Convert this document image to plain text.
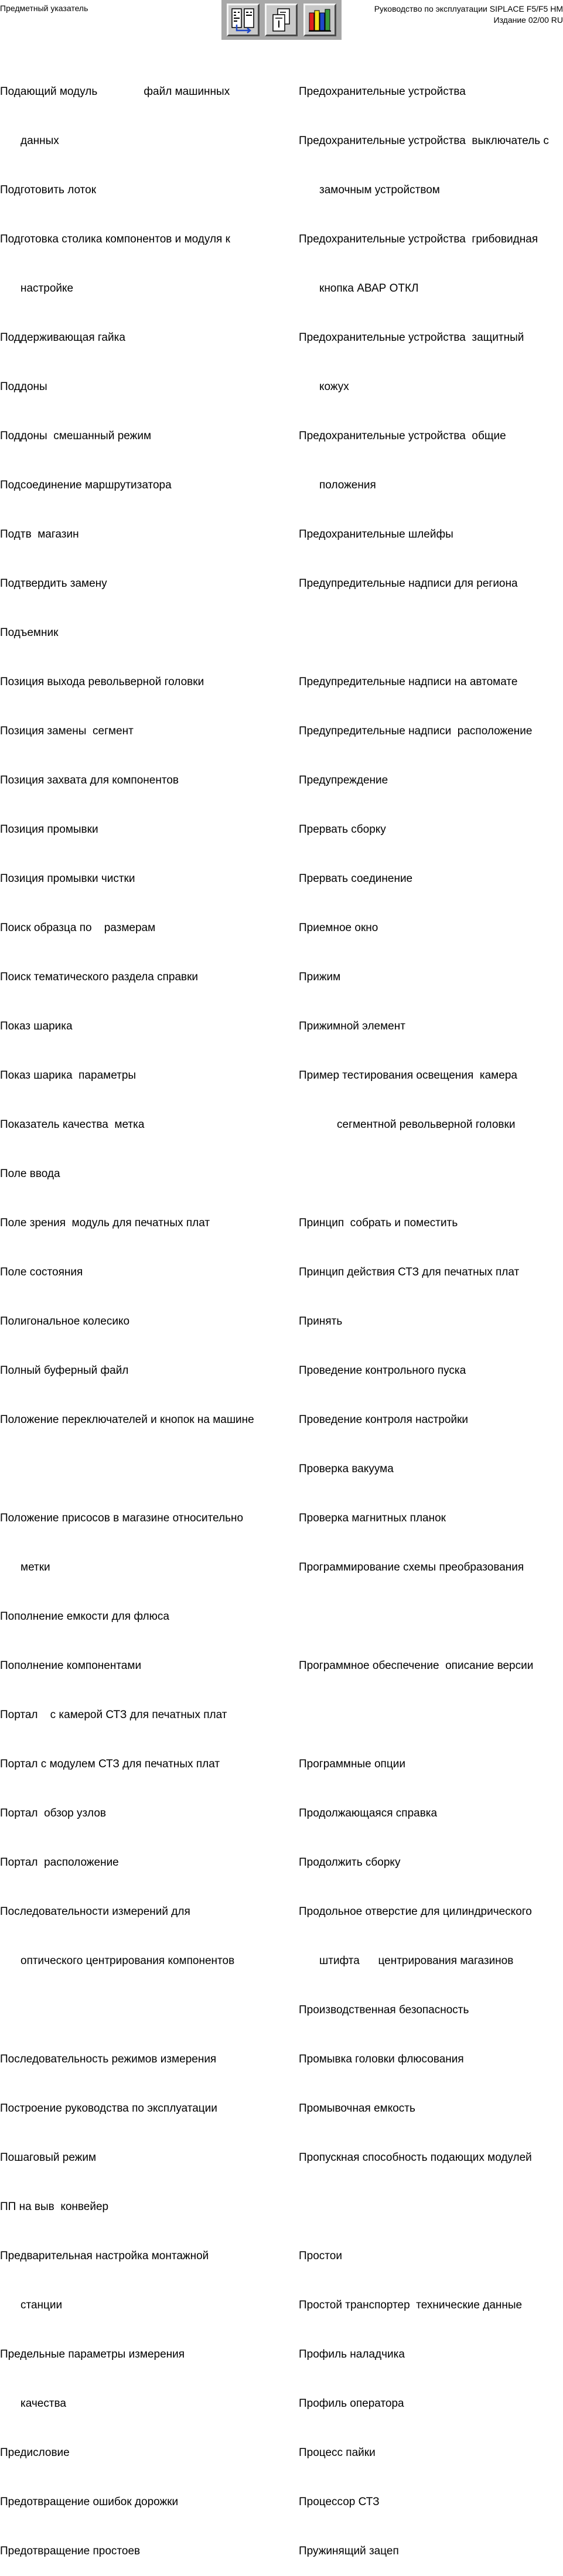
Предметный указатель	Руководство по эксплуатации SIPLACE F5/F5 HM
Издание 02/00 RU

Подающий модуль               файл машинных

данных

Подготовить лоток

Подготовка столика компонентов и модуля к

настройке

Поддерживающая гайка

Поддоны

Поддоны  смешанный режим

Подсоединение маршрутизатора

Подтв  магазин

Подтвердить замену

Подъемник

Позиция выхода револьверной головки

Позиция замены  сегмент

Позиция захвата для компонентов

Позиция промывки

Позиция промывки чистки

Поиск образца по    размерам

Поиск тематического раздела справки

Показ шарика

Показ шарика  параметры

Показатель качества  метка

Поле ввода

Поле зрения  модуль для печатных плат

Поле состояния

Полигональное колесико

Полный буферный файл

Положение переключателей и кнопок на машине

Положение присосов в магазине относительно

метки

Пополнение емкости для флюса

Пополнение компонентами

Портал    с камерой СТЗ для печатных плат

Портал с модулем СТЗ для печатных плат

Портал  обзор узлов

Портал  расположение

Последовательности измерений для

оптического центрирования компонентов

Последовательность режимов измерения

Построение руководства по эксплуатации

Пошаговый режим

ПП на выв  конвейер

Предварительная настройка монтажной

станции

Предельные параметры измерения

качества

Предисловие

Предотвращение ошибок дорожки

Предотвращение простоев

Предохранительные устройства

Предохранительные устройства  выключатель с

замочным устройством

Предохранительные устройства  грибовидная

кнопка АВАР ОТКЛ

Предохранительные устройства  защитный

кожух

Предохранительные устройства  общие

положения

Предохранительные шлейфы

Предупредительные надписи для региона

Предупредительные надписи на автомате

Предупредительные надписи  расположение

Предупреждение

Прервать сборку

Прервать соединение

Приемное окно

Прижим

Прижимной элемент

Пример тестирования освещения  камера

сегментной револьверной головки

Принцип  собрать и поместить

Принцип действия СТЗ для печатных плат

Принять

Проведение контрольного пуска

Проведение контроля настройки

Проверка вакуума

Проверка магнитных планок

Программирование схемы преобразования

Программное обеспечение  описание версии

Программные опции

Продолжающаяся справка

Продолжить сборку

Продольное отверстие для цилиндрического

штифта      центрирования магазинов

Производственная безопасность

Промывка головки флюсования

Промывочная емкость

Пропускная способность подающих модулей

Простои

Простой транспортер  технические данные

Профиль наладчика

Профиль оператора

Процесс пайки

Процессор СТЗ

Пружинящий зацеп
